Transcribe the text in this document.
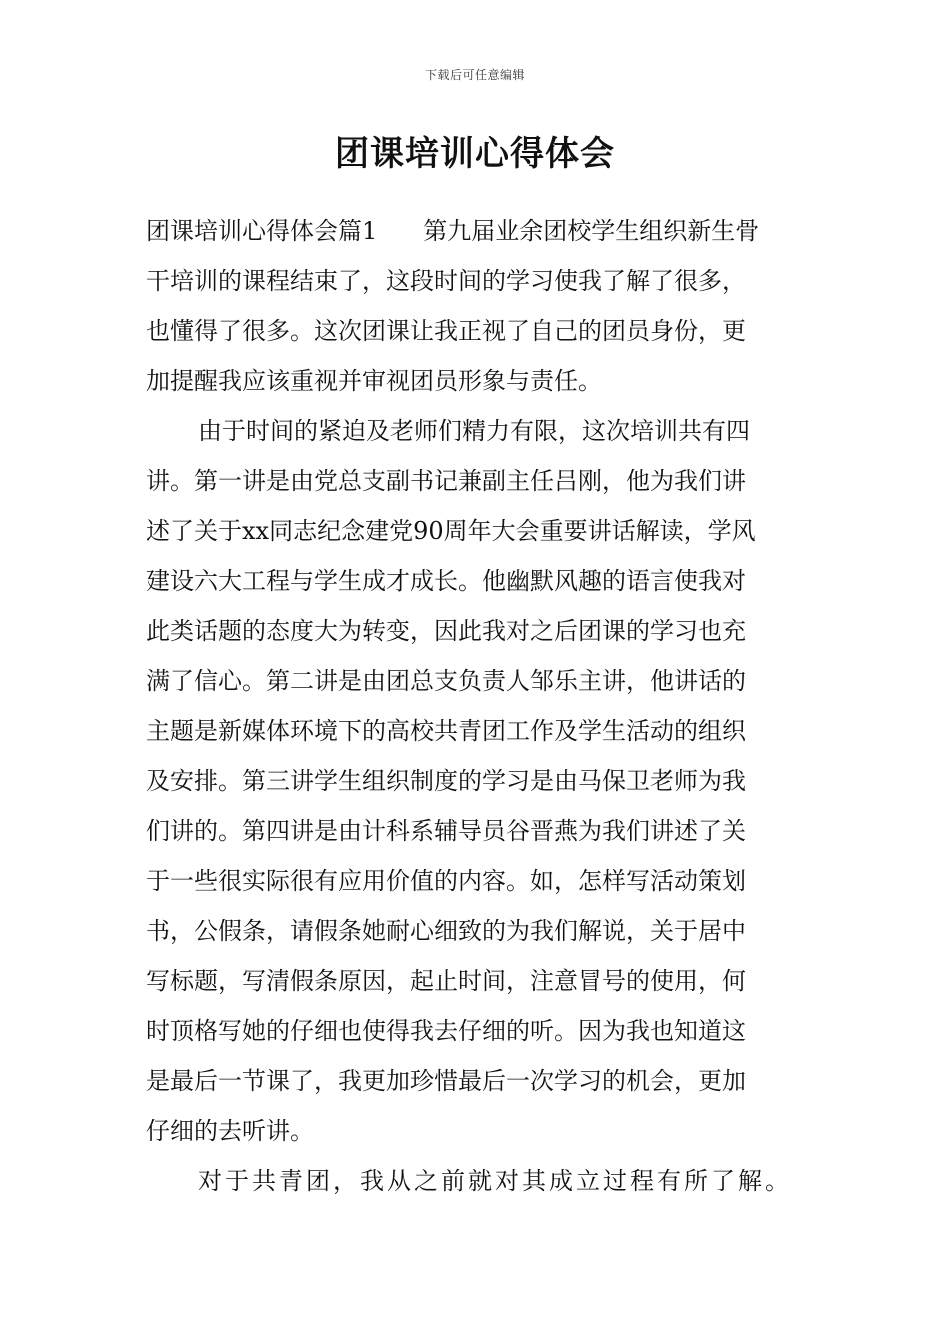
下载后可任意编辑
团课培训心得体会
团课培训心得体会篇1 第九届业余团校学生组织新生骨
干培训的课程结束了，这段时间的学习使我了解了很多，
也懂得了很多。这次团课让我正视了自己的团员身份，更
加提醒我应该重视并审视团员形象与责任。
由于时间的紧迫及老师们精力有限，这次培训共有四
讲。第一讲是由党总支副书记兼副主任吕刚，他为我们讲
述了关于xx同志纪念建党90周年大会重要讲话解读，学风
建设六大工程与学生成才成长。他幽默风趣的语言使我对
此类话题的态度大为转变，因此我对之后团课的学习也充
满了信心。第二讲是由团总支负责人邹乐主讲，他讲话的
主题是新媒体环境下的高校共青团工作及学生活动的组织
及安排。第三讲学生组织制度的学习是由马保卫老师为我
们讲的。第四讲是由计科系辅导员谷晋燕为我们讲述了关
于一些很实际很有应用价值的内容。如，怎样写活动策划
书，公假条，请假条她耐心细致的为我们解说，关于居中
写标题，写清假条原因，起止时间，注意冒号的使用，何
时顶格写她的仔细也使得我去仔细的听。因为我也知道这
是最后一节课了，我更加珍惜最后一次学习的机会，更加
仔细的去听讲。
对于共青团，我从之前就对其成立过程有所了解。
